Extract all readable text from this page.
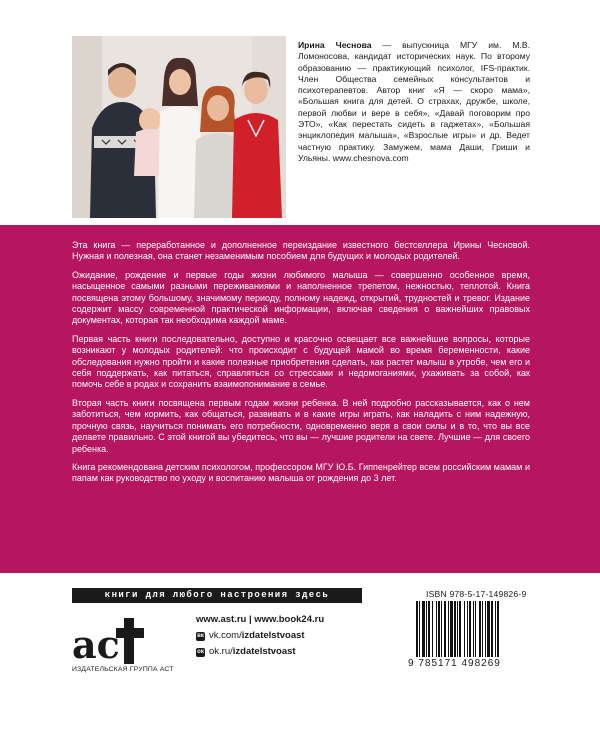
Ирина Чеснова — выпускница МГУ им. М.В. Ломоносова, кандидат исторических наук. По второму образованию — практикующий психолог, IFS-практик. Член Общества семейных консультантов и психотерапевтов. Автор книг «Я — скоро мама», «Большая книга для детей. О страхах, дружбе, школе, первой любви и вере в себя», «Давай поговорим про ЭТО», «Как перестать сидеть в гаджетах», «Большая энциклопедия малыша», «Взрослые игры» и др. Ведет частную практику. Замужем, мама Даши, Гриши и Ульяны. www.chesnova.com

Эта книга — переработанное и дополненное переиздание известного бестселлера Ирины Чесновой. Нужная и полезная, она станет незаменимым пособием для будущих и молодых родителей.

Ожидание, рождение и первые годы жизни любимого малыша — совершенно особенное время, насыщенное самыми разными переживаниями и наполненное трепетом, нежностью, теплотой. Книга посвящена этому большому, значимому периоду, полному надежд, открытий, трудностей и тревог. Издание содержит массу современной практической информации, включая сведения о важнейших правовых документах, которая так необходима каждой маме.

Первая часть книги последовательно, доступно и красочно освещает все важнейшие вопросы, которые возникают у молодых родителей: что происходит с будущей мамой во время беременности, какие обследования нужно пройти и какие полезные приобретения сделать, как растет малыш в утробе, чем его и себя поддержать, как питаться, справляться со стрессами и недомоганиями, ухаживать за собой, как помочь себе в родах и сохранить взаимопонимание в семье.

Вторая часть книги посвящена первым годам жизни ребенка. В ней подробно рассказывается, как о нем заботиться, чем кормить, как общаться, развивать и в какие игры играть, как наладить с ним надежную, прочную связь, научиться понимать его потребности, одновременно веря в свои силы и в то, что вы все делаете правильно. С этой книгой вы убедитесь, что вы — лучшие родители на свете. Лучшие — для своего ребенка.

Книга рекомендована детским психологом, профессором МГУ Ю.Б. Гиппенрейтер всем российским мамам и папам как руководство по уходу и воспитанию малыша от рождения до 3 лет.

книги для любого настроения здесь
ас
ИЗДАТЕЛЬСКАЯ ГРУППА АСТ
www.ast.ru | www.book24.ru
вк vk.com/izdatelstvoast
ок ok.ru/izdatelstvoast
ISBN 978-5-17-149826-9
9 785171 498269
